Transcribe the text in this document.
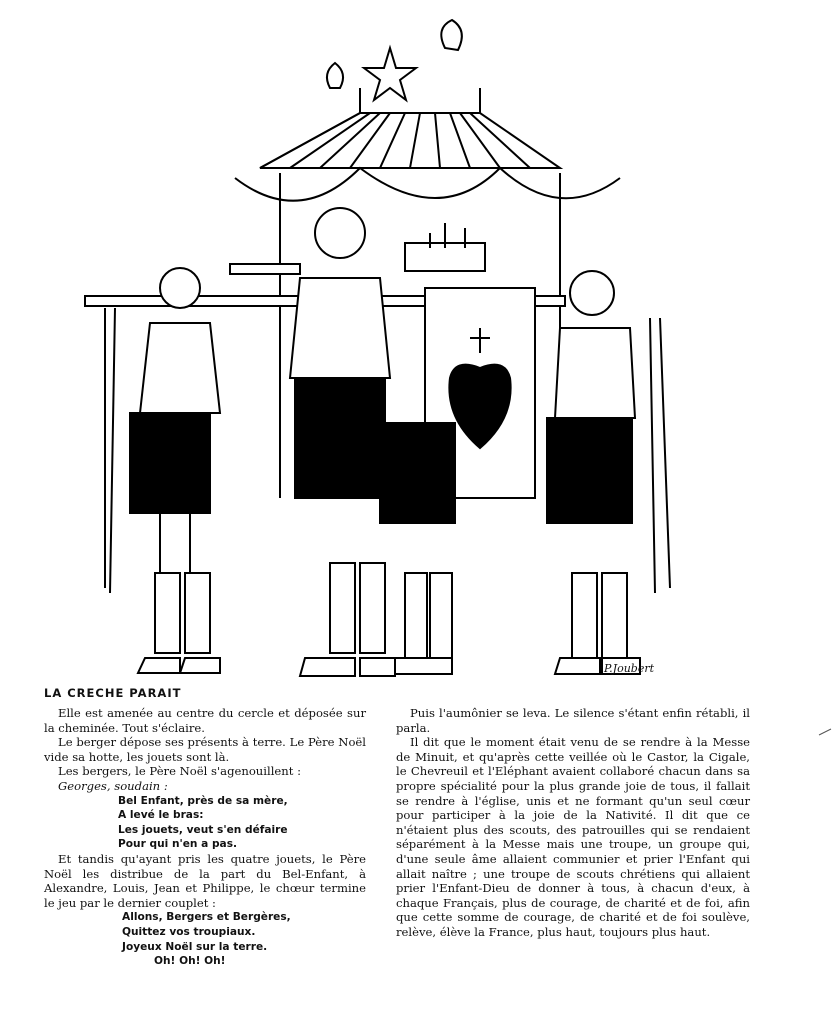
P.Joubert
LA CRECHE PARAIT

Elle est amenée au centre du cercle et déposée sur la cheminée. Tout s'éclaire.

Le berger dépose ses présents à terre. Le Père Noël vide sa hotte, les jouets sont là.

Les bergers, le Père Noël s'agenouillent :

Georges, soudain :
Bel Enfant, près de sa mère,
A levé le bras:
Les jouets, veut s'en défaire
Pour qui n'en a pas.

Et tandis qu'ayant pris les quatre jouets, le Père Noël les distribue de la part du Bel-Enfant, à Alexandre, Louis, Jean et Philippe, le chœur termine le jeu par le dernier couplet :

Allons, Bergers et Bergères,
Quittez vos troupiaux.
Joyeux Noël sur la terre.
Oh! Oh! Oh!

Puis l'aumônier se leva. Le silence s'étant enfin rétabli, il parla.

Il dit que le moment était venu de se rendre à la Messe de Minuit, et qu'après cette veillée où le Castor, la Cigale, le Chevreuil et l'Eléphant avaient collaboré chacun dans sa propre spécialité pour la plus grande joie de tous, il fallait se rendre à l'église, unis et ne formant qu'un seul cœur pour participer à la joie de la Nativité. Il dit que ce n'étaient plus des scouts, des patrouilles qui se rendaient séparément à la Messe mais une troupe, un groupe qui, d'une seule âme allaient communier et prier l'Enfant qui allait naître ; une troupe de scouts chrétiens qui allaient prier l'Enfant-Dieu de donner à tous, à chacun d'eux, à chaque Français, plus de courage, de charité et de foi, afin que cette somme de courage, de charité et de foi soulève, relève, élève la France, plus haut, toujours plus haut.
